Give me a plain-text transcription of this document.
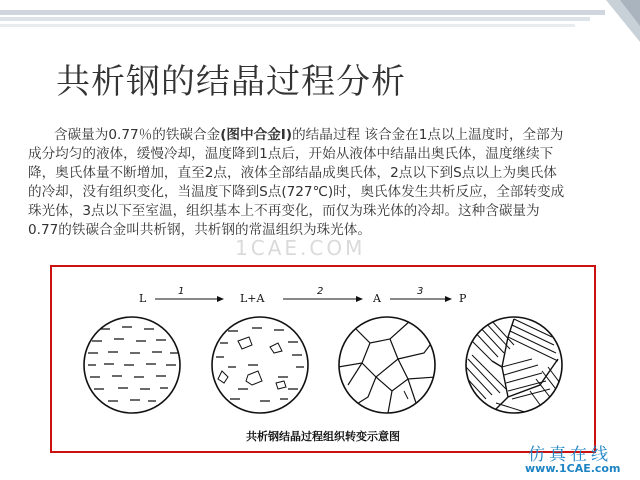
共析钢的结晶过程分析
含碳量为0.77％的铁碳合金(图中合金Ⅰ)的结晶过程 该合金在1点以上温度时，全部为
成分均匀的液体，缓慢冷却，温度降到1点后，开始从液体中结晶出奥氏体，温度继续下
降，奥氏体量不断增加，直至2点，液体全部结晶成奥氏体，2点以下到S点以上为奥氏体
的冷却，没有组织变化，当温度下降到S点(727℃)时，奥氏体发生共析反应，全部转变成
珠光体，3点以下至室温，组织基本上不再变化，而仅为珠光体的冷却。这种含碳量为
0.77的铁碳合金叫共析钢，共析钢的常温组织为珠光体。
1CAE.COM
L	L+A	A	P
1	2	3
共析钢结晶过程组织转变示意图
仿真在线
www.1CAE.com
